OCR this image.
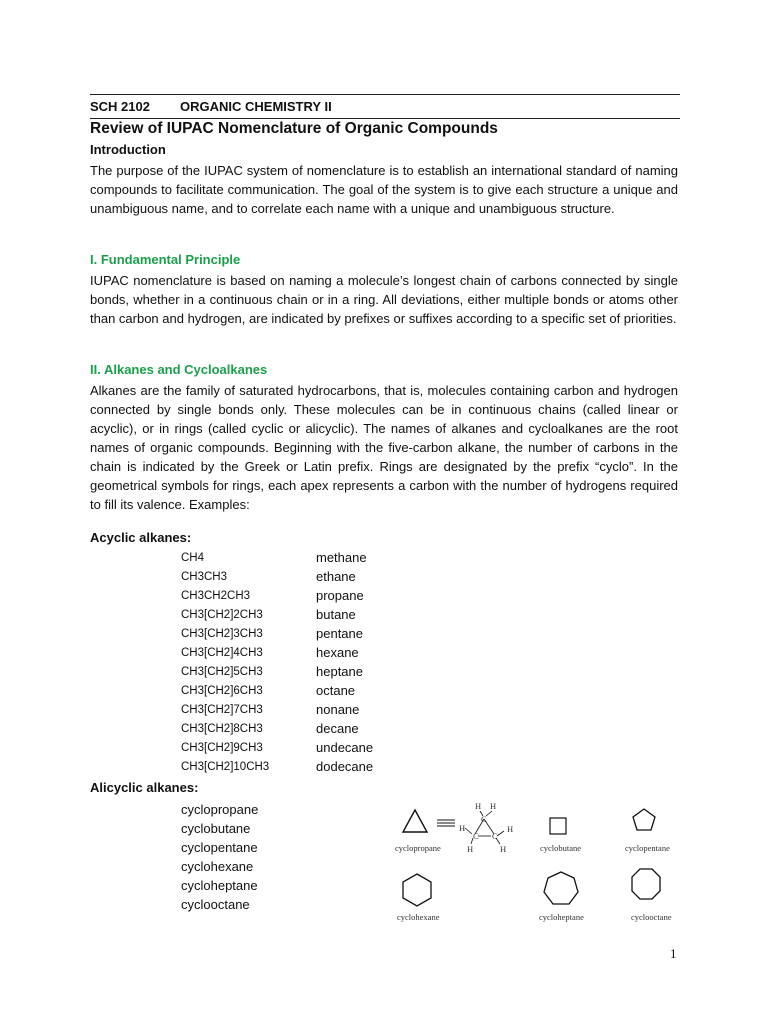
SCH 2102 ORGANIC CHEMISTRY II
Review of IUPAC Nomenclature of Organic Compounds
Introduction
The purpose of the IUPAC system of nomenclature is to establish an international standard of naming compounds to facilitate communication. The goal of the system is to give each structure a unique and unambiguous name, and to correlate each name with a unique and unambiguous structure.
I. Fundamental Principle
IUPAC nomenclature is based on naming a molecule’s longest chain of carbons connected by single bonds, whether in a continuous chain or in a ring. All deviations, either multiple bonds or atoms other than carbon and hydrogen, are indicated by prefixes or suffixes according to a specific set of priorities.
II. Alkanes and Cycloalkanes
Alkanes are the family of saturated hydrocarbons, that is, molecules containing carbon and hydrogen connected by single bonds only. These molecules can be in continuous chains (called linear or acyclic), or in rings (called cyclic or alicyclic). The names of alkanes and cycloalkanes are the root names of organic compounds. Beginning with the five-carbon alkane, the number of carbons in the chain is indicated by the Greek or Latin prefix. Rings are designated by the prefix “cyclo”. In the geometrical symbols for rings, each apex represents a carbon with the number of hydrogens required to fill its valence. Examples:
Acyclic alkanes:
CH4	methane
CH3CH3	ethane
CH3CH2CH3	propane
CH3[CH2]2CH3	butane
CH3[CH2]3CH3	pentane
CH3[CH2]4CH3	hexane
CH3[CH2]5CH3	heptane
CH3[CH2]6CH3	octane
CH3[CH2]7CH3	nonane
CH3[CH2]8CH3	decane
CH3[CH2]9CH3	undecane
CH3[CH2]10CH3	dodecane
Alicyclic alkanes:
cyclopropane
cyclobutane
cyclopentane
cyclohexane
cycloheptane
cyclooctane
H H
C
H
C C
H
H	H
cyclopropane	cyclobutane	cyclopentane
cyclohexane	cycloheptane	cyclooctane
1
